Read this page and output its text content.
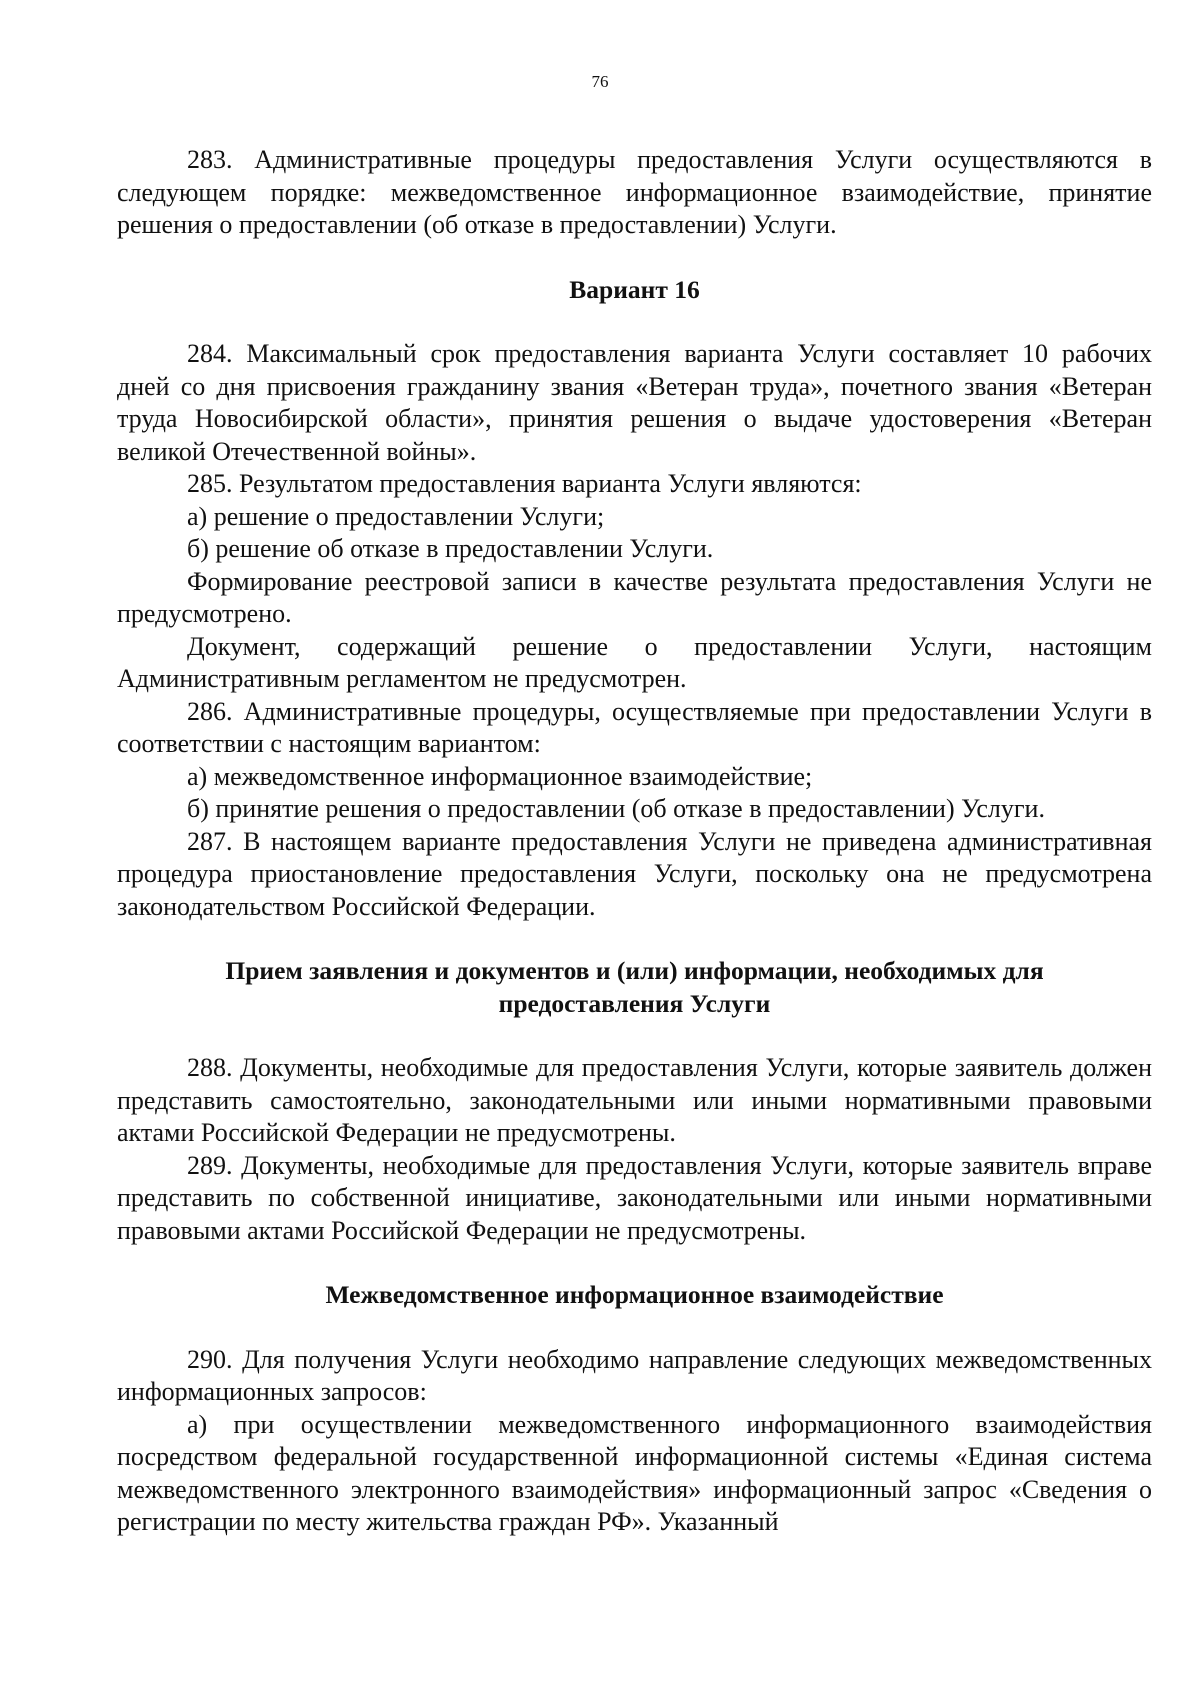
76

283. Административные процедуры предоставления Услуги осуществляются в следующем порядке: межведомственное информационное взаимодействие, принятие решения о предоставлении (об отказе в предоставлении) Услуги.

Вариант 16

284. Максимальный срок предоставления варианта Услуги составляет 10 рабочих дней со дня присвоения гражданину звания «Ветеран труда», почетного звания «Ветеран труда Новосибирской области», принятия решения о выдаче удостоверения «Ветеран великой Отечественной войны».

285. Результатом предоставления варианта Услуги являются:

а) решение о предоставлении Услуги;

б) решение об отказе в предоставлении Услуги.

Формирование реестровой записи в качестве результата предоставления Услуги не предусмотрено.

Документ, содержащий решение о предоставлении Услуги, настоящим Административным регламентом не предусмотрен.

286. Административные процедуры, осуществляемые при предоставлении Услуги в соответствии с настоящим вариантом:

а) межведомственное информационное взаимодействие;

б) принятие решения о предоставлении (об отказе в предоставлении) Услуги.

287. В настоящем варианте предоставления Услуги не приведена административная процедура приостановление предоставления Услуги, поскольку она не предусмотрена законодательством Российской Федерации.

Прием заявления и документов и (или) информации, необходимых для

предоставления Услуги

288. Документы, необходимые для предоставления Услуги, которые заявитель должен представить самостоятельно, законодательными или иными нормативными правовыми актами Российской Федерации не предусмотрены.

289. Документы, необходимые для предоставления Услуги, которые заявитель вправе представить по собственной инициативе, законодательными или иными нормативными правовыми актами Российской Федерации не предусмотрены.

Межведомственное информационное взаимодействие

290. Для получения Услуги необходимо направление следующих межведомственных информационных запросов:

а) при осуществлении межведомственного информационного взаимодействия посредством федеральной государственной информационной системы «Единая система межведомственного электронного взаимодействия» информационный запрос «Сведения о регистрации по месту жительства граждан РФ». Указанный
